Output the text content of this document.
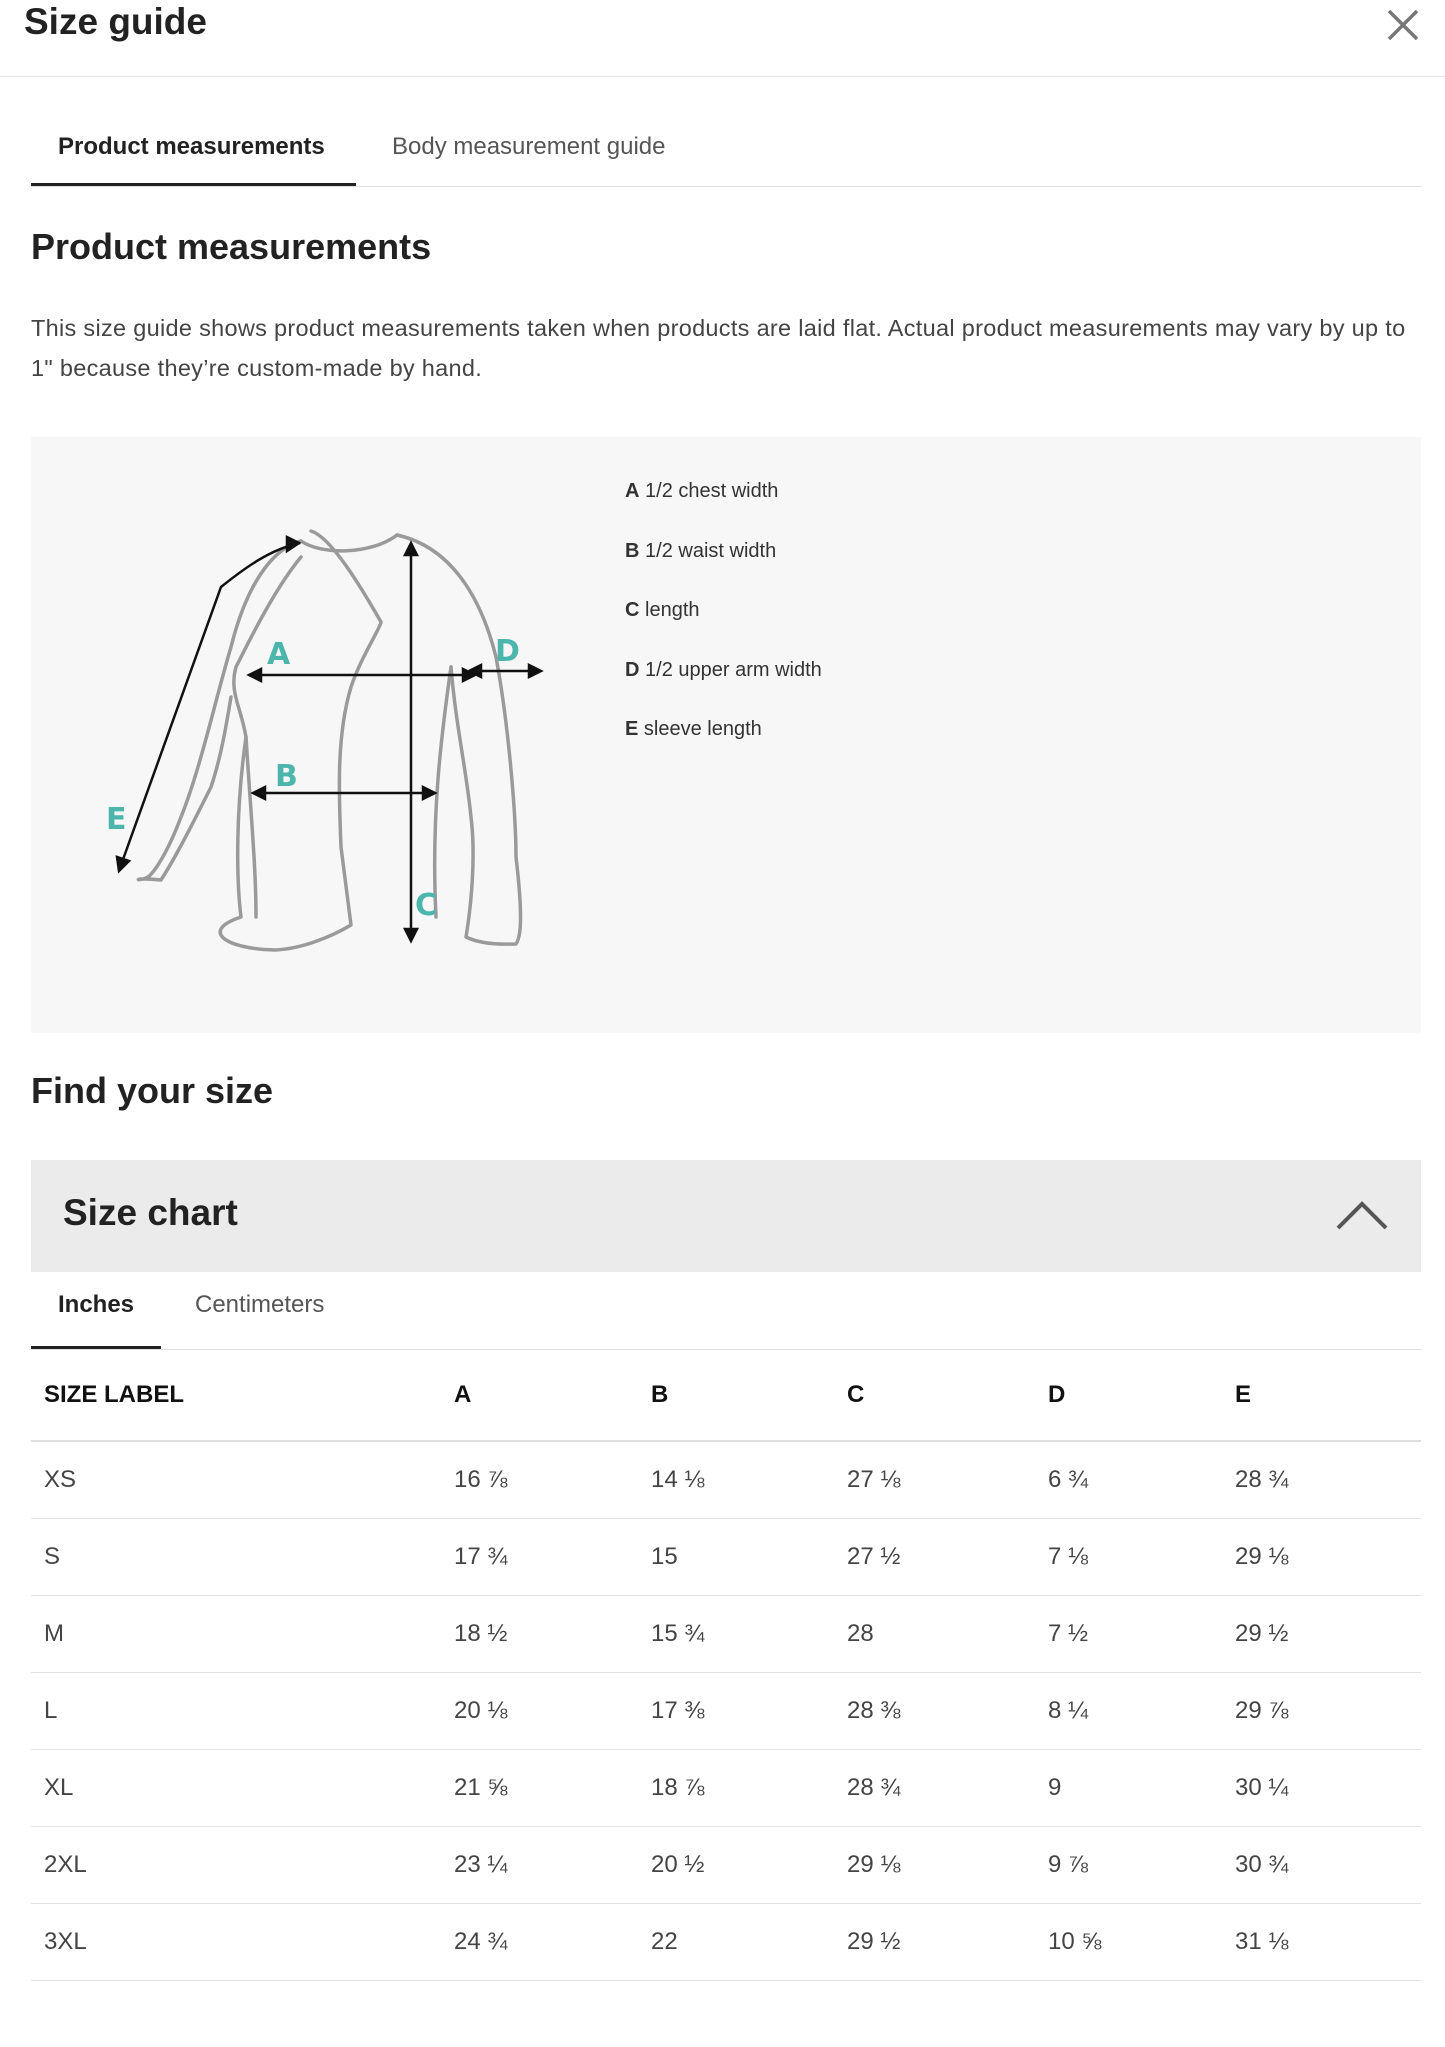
Size guide
Product measurements	Body measurement guide
Product measurements
This size guide shows product measurements taken when products are laid flat. Actual product measurements may vary by up to 1" because they’re custom-made by hand.
A
B
C
D
E
A 1/2 chest width
B 1/2 waist width
C length
D 1/2 upper arm width
E sleeve length
Find your size
Size chart
Inches	Centimeters
SIZE LABEL	A	B	C	D	E
XS	16 ⅞	14 ⅛	27 ⅛	6 ¾	28 ¾
S	17 ¾	15	27 ½	7 ⅛	29 ⅛
M	18 ½	15 ¾	28	7 ½	29 ½
L	20 ⅛	17 ⅜	28 ⅜	8 ¼	29 ⅞
XL	21 ⅝	18 ⅞	28 ¾	9	30 ¼
2XL	23 ¼	20 ½	29 ⅛	9 ⅞	30 ¾
3XL	24 ¾	22	29 ½	10 ⅝	31 ⅛
